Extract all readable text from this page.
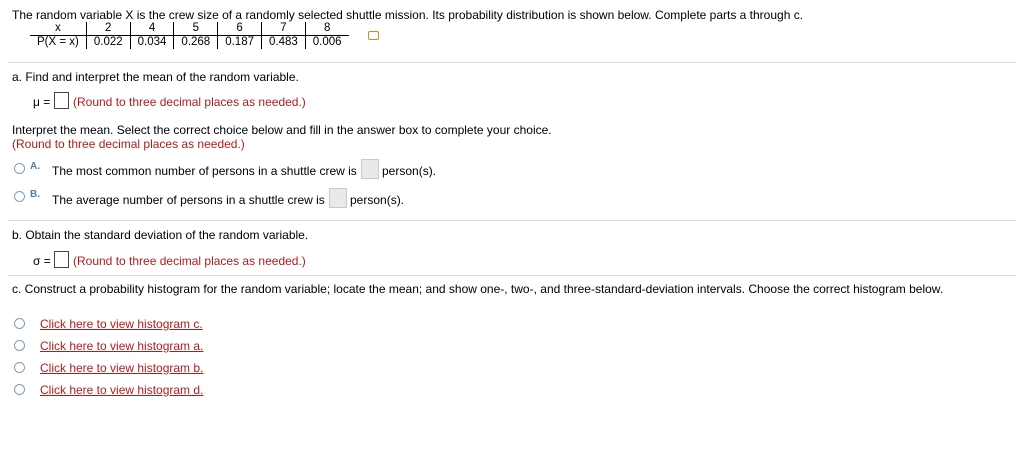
The random variable X is the crew size of a randomly selected shuttle mission. Its probability distribution is shown below. Complete parts a through c.
x	2	4	5	6	7	8
P(X = x)	0.022	0.034	0.268	0.187	0.483	0.006
a. Find and interpret the mean of the random variable.
μ = (Round to three decimal places as needed.)
Interpret the mean. Select the correct choice below and fill in the answer box to complete your choice.
(Round to three decimal places as needed.)
A. The most common number of persons in a shuttle crew is person(s).
B. The average number of persons in a shuttle crew is person(s).
b. Obtain the standard deviation of the random variable.
σ = (Round to three decimal places as needed.)
c. Construct a probability histogram for the random variable; locate the mean; and show one-, two-, and three-standard-deviation intervals. Choose the correct histogram below.
Click here to view histogram c.
Click here to view histogram a.
Click here to view histogram b.
Click here to view histogram d.
